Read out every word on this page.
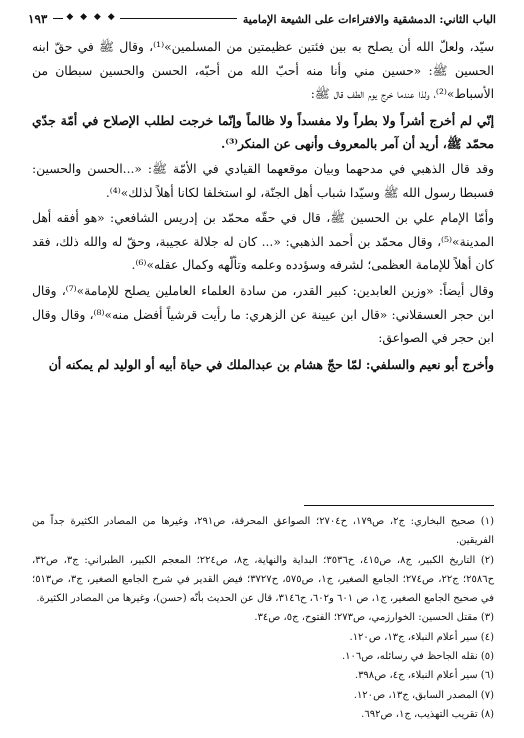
الباب الثاني: الدمشقية والافتراءات على الشيعة الإمامية
◆ ◆ ◆ ◆
١٩٣

سيّد، ولعلّ الله أن يصلح به بين فئتين عظيمتين من المسلمين»⁽¹⁾، وقال ﷺ في حقّ ابنه الحسين ﷺ: «حسين مني وأنا منه أحبّ الله من أحبّه، الحسن والحسين سبطان من الأسباط»⁽²⁾، ولذا عندما خرج يوم الطف قال ﷺ:

إنّي لم أخرج أشراً ولا بطراً ولا مفسداً ولا ظالماً وإنّما خرجت لطلب الإصلاح في أمّة جدّي محمّد ﷺ، أريد أن آمر بالمعروف وأنهى عن المنكر⁽³⁾.

وقد قال الذهبي في مدحهما وبيان موقعهما القيادي في الأمّة ﷺ: «...الحسن والحسين: فسبطا رسول الله ﷺ وسيّدا شباب أهل الجنّة، لو استخلفا لكانا أهلاً لذلك»⁽⁴⁾.

وأمّا الإمام علي بن الحسين ﷺ، قال في حقّه محمّد بن إدريس الشافعي: «هو أفقه أهل المدينة»⁽⁵⁾، وقال محمّد بن أحمد الذهبي: «... كان له جلالة عجيبة، وحقّ له والله ذلك، فقد كان أهلاً للإمامة العظمى؛ لشرفه وسؤدده وعلمه وتألّهه وكمال عقله»⁽⁶⁾.

وقال أيضاً: «وزين العابدين: كبير القدر، من سادة العلماء العاملين يصلح للإمامة»⁽⁷⁾، وقال ابن حجر العسقلاني: «قال ابن عيينة عن الزهري: ما رأيت قرشياً أفضل منه»⁽⁸⁾، وقال وقال ابن حجر في الصواعق:

وأخرج أبو نعيم والسلفي: لمّا حجّ هشام بن عبدالملك في حياة أبيه أو الوليد لم يمكنه أن

(١) صحيح البخاري: ج٢، ص١٧٩، ح٢٧٠٤؛ الصواعق المحرقة، ص٢٩١، وغيرها من المصادر الكثيرة جداً من الفريقين.

(٢) التاريخ الكبير، ج٨، ص٤١٥، ح٣٥٣٦؛ البداية والنهاية، ج٨، ص٢٢٤؛ المعجم الكبير، الطبراني: ج٣، ص٣٢، ح٢٥٨٦؛ ج٢٢، ص٢٧٤؛ الجامع الصغير، ج١، ص٥٧٥، ح٣٧٢٧؛ فيض القدير في شرح الجامع الصغير، ج٣، ص٥١٣؛ في صحيح الجامع الصغير، ج١، ص ٦٠١ و٦٠٢، ح٣١٤٦، قال عن الحديث بأنّه (حسن)، وغيرها من المصادر الكثيرة.

(٣) مقتل الحسين: الخوارزمي، ص٢٧٣؛ الفتوح، ج٥، ص٣٤.

(٤) سير أعلام النبلاء، ج١٣، ص١٢٠.

(٥) نقله الجاحظ في رسائله، ص١٠٦.

(٦) سير أعلام النبلاء، ج٤، ص٣٩٨.

(٧) المصدر السابق، ج١٣، ص١٢٠.

(٨) تقريب التهذيب، ج١، ص٦٩٢.
